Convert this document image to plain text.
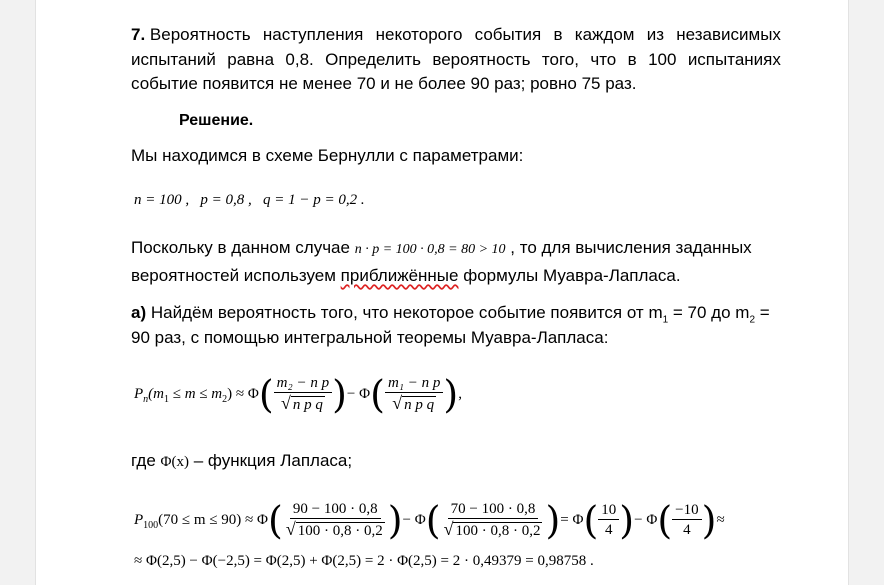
7. Вероятность наступления некоторого события в каждом из независимых
испытаний равна 0,8. Определить вероятность того, что в 100 испытаниях
событие появится не менее 70 и не более 90 раз; ровно 75 раз.
Решение.
Мы находимся в схеме Бернулли с параметрами:
n = 100 , p = 0,8 , q = 1 − p = 0,2 .
Поскольку в данном случае n · p = 100 · 0,8 = 80 > 10 , то для вычисления заданных
вероятностей используем приближённые формулы Муавра-Лапласа.
а) Найдём вероятность того, что некоторое событие появится от $m_1 = 70$ до $m_2$ =
90 раз, с помощью интегральной теоремы Муавра-Лапласа:
$P_n(m_1 \le m \le m_2) \approx \Phi( \frac{\text{m₂ − n p}}{\text{√ n p q}}$ )− $\Phi( \frac{\text{m₁ − n p}}{\text{√ n p q}}$ ),
где Φ(x) – функция Лапласа;
$P_{100}(70 \le m \le 90) \approx \Phi( \frac{90 - 100 \cdot 0,8}{√ 100 \cdot 0,8 \cdot 0,2}$ )− $\Phi( \frac{70 - 100 \cdot 0,8}{√ 100 \cdot 0,8 \cdot 0,2}$ )= $\Phi( \frac{10}{4}$ )− $\Phi( \frac{-10}{4}$ )≈
≈ Φ(2,5) − Φ(−2,5) = Φ(2,5) + Φ(2,5) = 2 · Φ(2,5) = 2 · 0,49379 = 0,98758 .
